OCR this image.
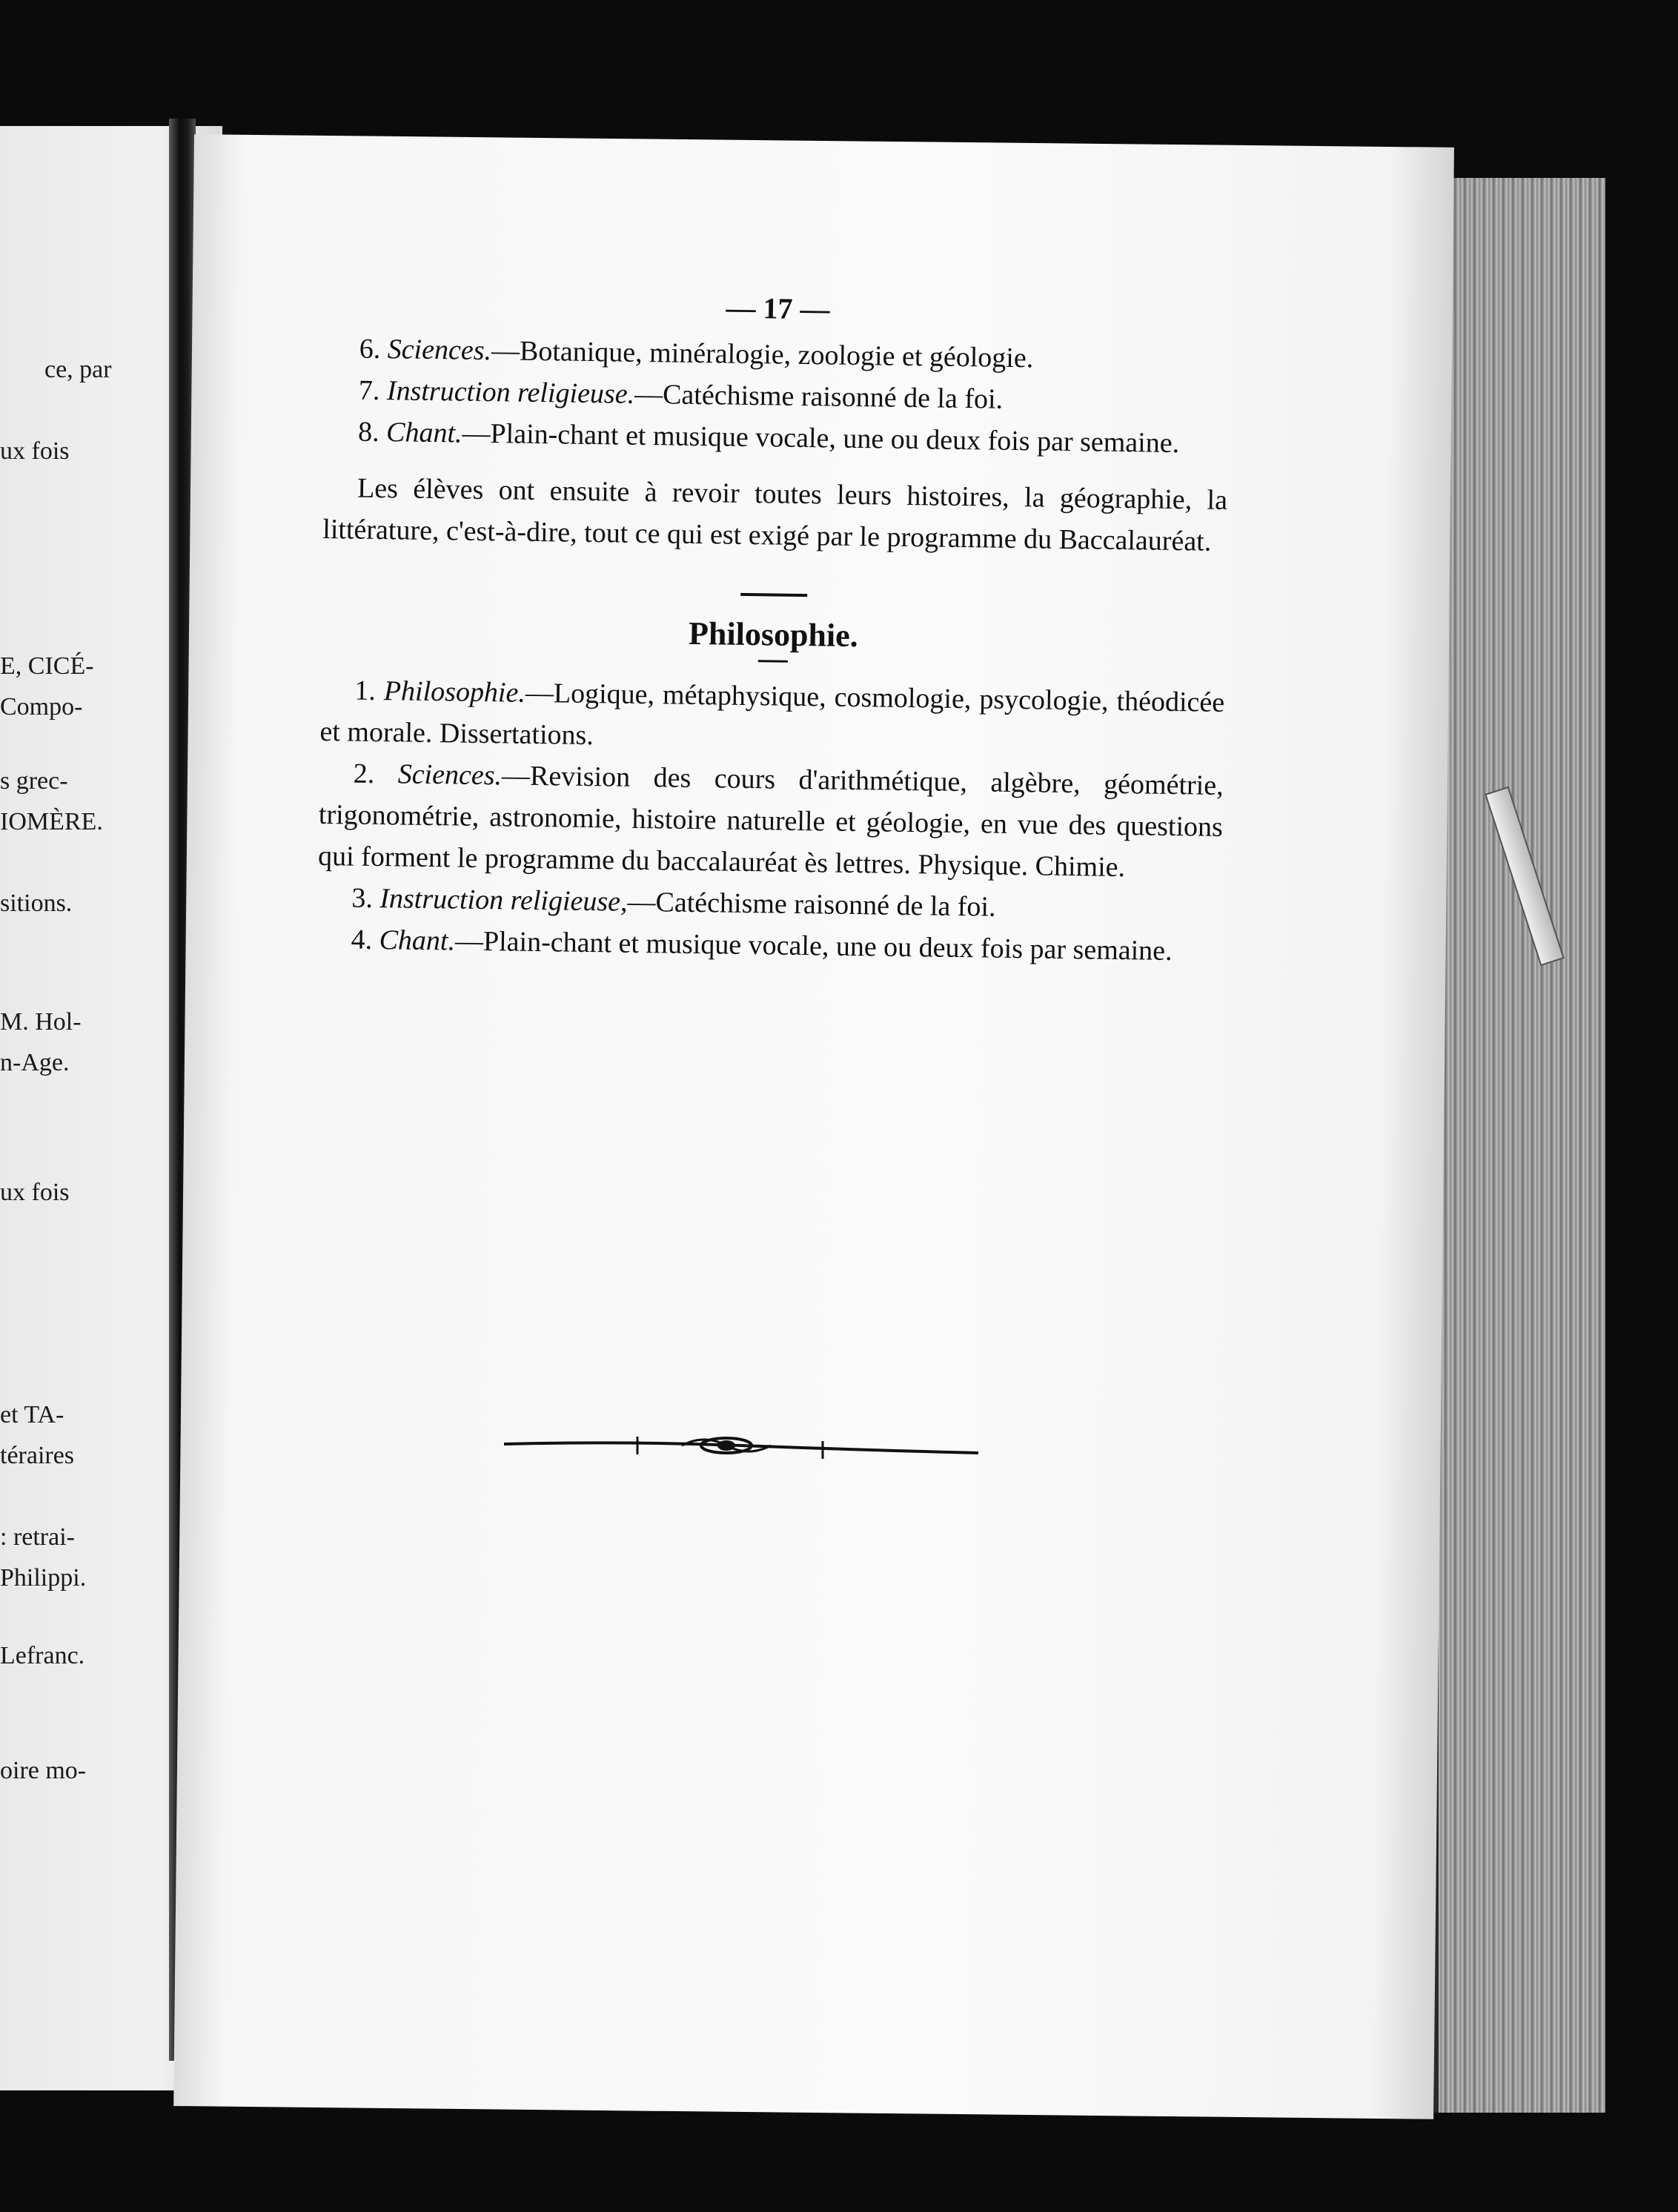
ce, par
ux fois
E, CICÉ-
Compo-
s grec-
IOMÈRE.
sitions.
M. Hol-
n-Age.
ux fois
et TA-
téraires
: retrai-
Philippi.
Lefranc.
oire mo-
— 17 —
6. Sciences.—Botanique, minéralogie, zoologie et géologie.
7. Instruction religieuse.—Catéchisme raisonné de la foi.
8. Chant.—Plain-chant et musique vocale, une ou deux fois par semaine.
Les élèves ont ensuite à revoir toutes leurs histoires, la géographie, la littérature, c'est-à-dire, tout ce qui est exigé par le programme du Baccalauréat.
Philosophie.
1. Philosophie.—Logique, métaphysique, cosmologie, psycologie, théodicée et morale. Dissertations.
2. Sciences.—Revision des cours d'arithmétique, algèbre, géométrie, trigonométrie, astronomie, histoire naturelle et géologie, en vue des questions qui forment le programme du baccalauréat ès lettres. Physique. Chimie.
3. Instruction religieuse,—Catéchisme raisonné de la foi.
4. Chant.—Plain-chant et musique vocale, une ou deux fois par semaine.
